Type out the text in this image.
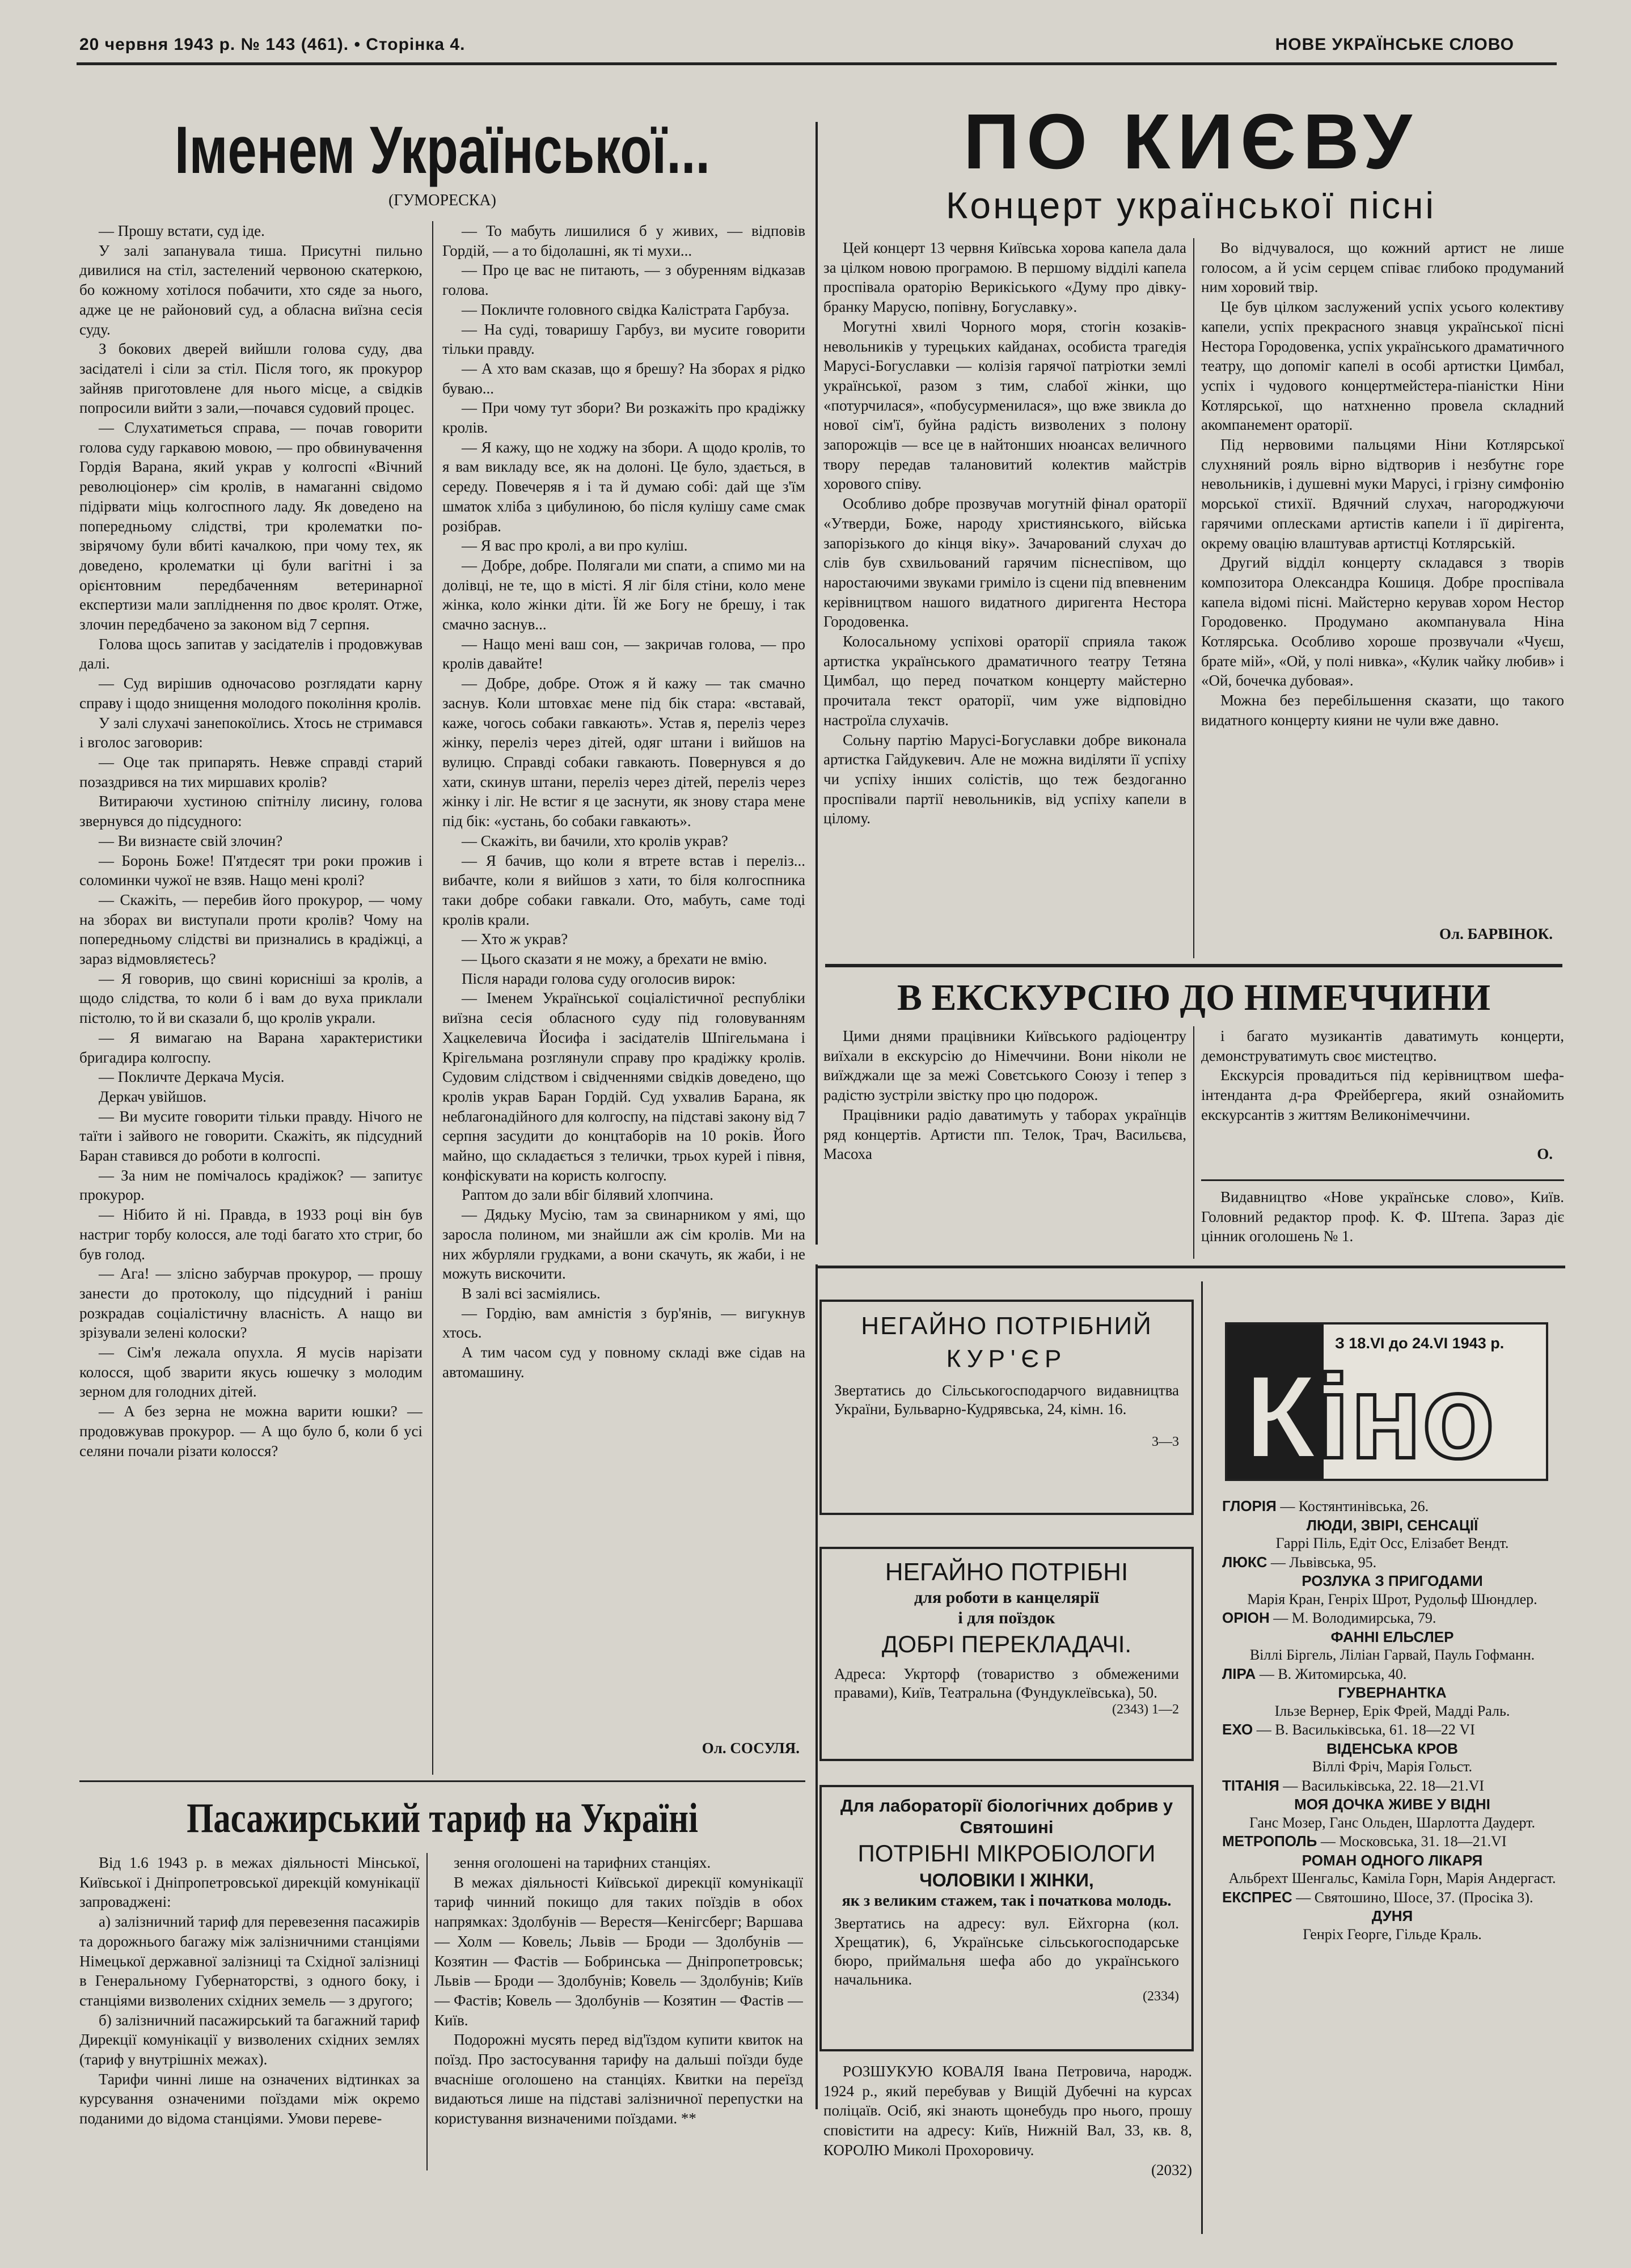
20 червня 1943 р. № 143 (461). • Сторінка 4.	НОВЕ УКРАЇНСЬКЕ СЛОВО
Іменем Української...
(ГУМОРЕСКА)

— Прошу встати, суд іде.

У залі запанувала тиша. Присутні пильно дивилися на стіл, застелений червоною скатеркою, бо кожному хотілося побачити, хто сяде за нього, адже це не районовий суд, а обласна виїзна сесія суду.

З бокових дверей вийшли голова суду, два засідателі і сіли за стіл. Після того, як прокурор зайняв приготовлене для нього місце, а свідків попросили вийти з зали,—почався судовий процес.

— Слухатиметься справа, — почав говорити голова суду гаркавою мовою, — про обвинувачення Гордія Варана, який украв у колгоспі «Вічний революціонер» сім кролів, в намаганні свідомо підірвати міць колгоспного ладу. Як доведено на попередньому слідстві, три кролематки по-звірячому були вбиті качалкою, при чому тех, як доведено, кролематки ці були вагітні і за орієнтовним передбаченням ветеринарної експертизи мали запліднення по двоє кролят. Отже, злочин передбачено за законом від 7 серпня.

Голова щось запитав у засідателів і продовжував далі.

— Суд вирішив одночасово розглядати карну справу і щодо знищення молодого покоління кролів.

У залі слухачі занепокоїлись. Хтось не стримався і вголос заговорив:

— Оце так припарять. Невже справді старий позаздрився на тих миршавих кролів?

Витираючи хустиною спітнілу лисину, голова звернувся до підсудного:

— Ви визнаєте свій злочин?

— Боронь Боже! П'ятдесят три роки прожив і соломинки чужої не взяв. Нащо мені кролі?

— Скажіть, — перебив його прокурор, — чому на зборах ви виступали проти кролів? Чому на попередньому слідстві ви признались в крадіжці, а зараз відмовляєтесь?

— Я говорив, що свині корисніші за кролів, а щодо слідства, то коли б і вам до вуха приклали пістолю, то й ви сказали б, що кролів украли.

— Я вимагаю на Варана характеристики бригадира колгоспу.

— Покличте Деркача Мусія.

Деркач увійшов.

— Ви мусите говорити тільки правду. Нічого не таїти і зайвого не говорити. Скажіть, як підсудний Баран ставився до роботи в колгоспі.

— За ним не помічалось крадіжок? — запитує прокурор.

— Нібито й ні. Правда, в 1933 році він був настриг торбу колосся, але тоді багато хто стриг, бо був голод.

— Ага! — злісно забурчав прокурор, — прошу занести до протоколу, що підсудний і раніш розкрадав соціалістичну власність. А нащо ви зрізували зелені колоски?

— Сім'я лежала опухла. Я мусів нарізати колосся, щоб зварити якусь юшечку з молодим зерном для голодних дітей.

— А без зерна не можна варити юшки? — продовжував прокурор. — А що було б, коли б усі селяни почали різати колосся?

— То мабуть лишилися б у живих, — відповів Гордій, — а то бідолашні, як ті мухи...

— Про це вас не питають, — з обуренням відказав голова.

— Покличте головного свідка Калістрата Гарбуза.

— На суді, товаришу Гарбуз, ви мусите говорити тільки правду.

— А хто вам сказав, що я брешу? На зборах я рідко буваю...

— При чому тут збори? Ви розкажіть про крадіжку кролів.

— Я кажу, що не ходжу на збори. А щодо кролів, то я вам викладу все, як на долоні. Це було, здається, в середу. Повечеряв я і та й думаю собі: дай ще з'їм шматок хліба з цибулиною, бо після кулішу саме смак розібрав.

— Я вас про кролі, а ви про куліш.

— Добре, добре. Полягали ми спати, а спимо ми на долівці, не те, що в місті. Я ліг біля стіни, коло мене жінка, коло жінки діти. Їй же Богу не брешу, і так смачно заснув...

— Нащо мені ваш сон, — закричав голова, — про кролів давайте!

— Добре, добре. Отож я й кажу — так смачно заснув. Коли штовхає мене під бік стара: «вставай, каже, чогось собаки гавкають». Устав я, переліз через жінку, переліз через дітей, одяг штани і вийшов на вулицю. Справді собаки гавкають. Повернувся я до хати, скинув штани, переліз через дітей, переліз через жінку і ліг. Не встиг я це заснути, як знову стара мене під бік: «устань, бо собаки гавкають».

— Скажіть, ви бачили, хто кролів украв?

— Я бачив, що коли я втрете встав і переліз... вибачте, коли я вийшов з хати, то біля колгоспника таки добре собаки гавкали. Ото, мабуть, саме тоді кролів крали.

— Хто ж украв?

— Цього сказати я не можу, а брехати не вмію.

Після наради голова суду оголосив вирок:

— Іменем Української соціалістичної республіки виїзна сесія обласного суду під головуванням Хацкелевича Йосифа і засідателів Шпігельмана і Крігельмана розглянули справу про крадіжку кролів. Судовим слідством і свідченнями свідків доведено, що кролів украв Баран Гордій. Суд ухвалив Барана, як неблагонадійного для колгоспу, на підставі закону від 7 серпня засудити до концтаборів на 10 років. Його майно, що складається з телички, трьох курей і півня, конфіскувати на користь колгоспу.

Раптом до зали вбіг білявий хлопчина.

— Дядьку Мусію, там за свинарником у ямі, що заросла полином, ми знайшли аж сім кролів. Ми на них жбурляли грудками, а вони скачуть, як жаби, і не можуть вискочити.

В залі всі засміялись.

— Гордію, вам амністія з бур'янів, — вигукнув хтось.

А тим часом суд у повному складі вже сідав на автомашину.

Ол. СОСУЛЯ.
Пасажирський тариф на Україні

Від 1.6 1943 р. в межах діяльності Мінської, Київської і Дніпропетровської дирекцій комунікації запроваджені:

а) залізничний тариф для перевезення пасажирів та дорожнього багажу між залізничними станціями Німецької державної залізниці та Східної залізниці в Генеральному Губернаторстві, з одного боку, і станціями визволених східних земель — з другого;

б) залізничний пасажирський та багажний тариф Дирекції комунікації у визволених східних землях (тариф у внутрішніх межах).

Тарифи чинні лише на означених відтинках за курсування означеними поїздами між окремо поданими до відома станціями. Умови переве-

зення оголошені на тарифних станціях.

В межах діяльності Київської дирекції комунікації тариф чинний покищо для таких поїздів в обох напрямках: Здолбунів — Верестя—Кенігсберг; Варшава — Холм — Ковель; Львів — Броди — Здолбунів — Козятин — Фастів — Бобринська — Дніпропетровськ; Львів — Броди — Здолбунів; Ковель — Здолбунів; Київ — Фастів; Ковель — Здолбунів — Козятин — Фастів — Київ.

Подорожні мусять перед від'їздом купити квиток на поїзд. Про застосування тарифу на дальші поїзди буде вчасніше оголошено на станціях. Квитки на переїзд видаються лише на підставі залізничної перепустки на користування визначеними поїздами. **

ПО КИЄВУ
Концерт української пісні

Цей концерт 13 червня Київська хорова капела дала за цілком новою програмою. В першому відділі капела проспівала ораторію Верикіського «Думу про дівку-бранку Марусю, попівну, Богуславку».

Могутні хвилі Чорного моря, стогін козаків-невольників у турецьких кайданах, особиста трагедія Марусі-Богуславки — колізія гарячої патріотки землі української, разом з тим, слабої жінки, що «потурчилася», «побусурменилася», що вже звикла до нової сім'ї, буйна радість визволених з полону запорожців — все це в найтонших нюансах величного твору передав талановитий колектив майстрів хорового співу.

Особливо добре прозвучав могутній фінал ораторії «Утверди, Боже, народу християнського, війська запорізького до кінця віку». Зачарований слухач до слів був схвильований гарячим піснеспівом, що наростаючими звуками гриміло із сцени під впевненим керівництвом нашого видатного диригента Нестора Городовенка.

Колосальному успіхові ораторії сприяла також артистка українського драматичного театру Тетяна Цимбал, що перед початком концерту майстерно прочитала текст ораторії, чим уже відповідно настроїла слухачів.

Сольну партію Марусі-Богуславки добре виконала артистка Гайдукевич. Але не можна виділяти її успіху чи успіху інших солістів, що теж бездоганно проспівали партії невольників, від успіху капели в цілому.

Во відчувалося, що кожний артист не лише голосом, а й усім серцем співає глибоко продуманий ним хоровий твір.

Це був цілком заслужений успіх усього колективу капели, успіх прекрасного знавця української пісні Нестора Городовенка, успіх українського драматичного театру, що допоміг капелі в особі артистки Цимбал, успіх і чудового концертмейстера-піаністки Ніни Котлярської, що натхненно провела складний акомпанемент ораторії.

Під нервовими пальцями Ніни Котлярської слухняний рояль вірно відтворив і незбутнє горе невольників, і душевні муки Марусі, і грізну симфонію морської стихії. Вдячний слухач, нагороджуючи гарячими оплесками артистів капели і її дирігента, окрему овацію влаштував артистці Котлярській.

Другий відділ концерту складався з творів композитора Олександра Кошиця. Добре проспівала капела відомі пісні. Майстерно керував хором Нестор Городовенко. Продумано акомпанувала Ніна Котлярська. Особливо хороше прозвучали «Чуєш, брате мій», «Ой, у полі нивка», «Кулик чайку любив» і «Ой, бочечка дубовая».

Можна без перебільшення сказати, що такого видатного концерту кияни не чули вже давно.

Ол. БАРВІНОК.
В ЕКСКУРСІЮ ДО НІМЕЧЧИНИ

Цими днями працівники Київського радіоцентру виїхали в екскурсію до Німеччини. Вони ніколи не виїжджали ще за межі Совєтського Союзу і тепер з радістю зустріли звістку про цю подорож.

Працівники радіо даватимуть у таборах українців ряд концертів. Артисти пп. Телок, Трач, Васильєва, Масоха

і багато музикантів даватимуть концерти, демонструватимуть своє мистецтво.

Екскурсія провадиться під керівництвом шефа-інтенданта д-ра Фрейбергера, який ознайомить екскурсантів з життям Великонімеччини.

О.

Видавництво «Нове українське слово», Київ. Головний редактор проф. К. Ф. Штепа. Зараз діє цінник оголошень № 1.

НЕГАЙНО ПОТРІБНИЙ
КУР'ЄР

Звертатись до Сільськогосподарчого видавництва України, Бульварно-Кудрявська, 24, кімн. 16.

3—3
НЕГАЙНО ПОТРІБНІ
для роботи в канцелярії
і для поїздок
ДОБРІ ПЕРЕКЛАДАЧІ.

Адреса: Укрторф (товариство з обмеженими правами), Київ, Театральна (Фундуклеївська), 50.

(2343) 1—2
Для лабораторії біологічних добрив у Святошині
ПОТРІБНІ МІКРОБІОЛОГИ
ЧОЛОВІКИ І ЖІНКИ,
як з великим стажем, так і початкова молодь.

Звертатись на адресу: вул. Ейхгорна (кол. Хрещатик), 6, Українське сільськогосподарське бюро, приймальня шефа або до українського начальника.

(2334)

РОЗШУКУЮ КОВАЛЯ Івана Петровича, народж. 1924 р., який перебував у Вищій Дубечні на курсах поліцаїв. Осіб, які знають щонебудь про нього, прошу сповістити на адресу: Київ, Нижній Вал, 33, кв. 8, КОРОЛЮ Миколі Прохоровичу.

(2032)
Кіно
З 18.VI до 24.VI 1943 р.
ГЛОРІЯ — Костянтинівська, 26.
ЛЮДИ, ЗВІРІ, СЕНСАЦІЇ
Гаррі Піль, Едіт Осс, Елізабет Вендт.
ЛЮКС — Львівська, 95.
РОЗЛУКА З ПРИГОДАМИ
Марія Кран, Генріх Шрот, Рудольф Шюндлер.
ОРІОН — М. Володимирська, 79.
ФАННІ ЕЛЬСЛЕР
Віллі Біргель, Ліліан Гарвай, Пауль Гофманн.
ЛІРА — В. Житомирська, 40.
ГУВЕРНАНТКА
Ільзе Вернер, Ерік Фрей, Маддi Раль.
ЕХО — В. Васильківська, 61. 18—22 VI
ВІДЕНСЬКА КРОВ
Віллі Фріч, Марія Гольст.
ТІТАНІЯ — Васильківська, 22. 18—21.VI
МОЯ ДОЧКА ЖИВЕ У ВІДНІ
Ганс Мозер, Ганс Ольден, Шарлотта Даудерт.
МЕТРОПОЛЬ — Московська, 31. 18—21.VI
РОМАН ОДНОГО ЛІКАРЯ
Альбрехт Шенгальс, Каміла Горн, Марія Андергаст.
ЕКСПРЕС — Святошино, Шосе, 37. (Просіка 3).
ДУНЯ
Генріх Георге, Гільде Краль.
